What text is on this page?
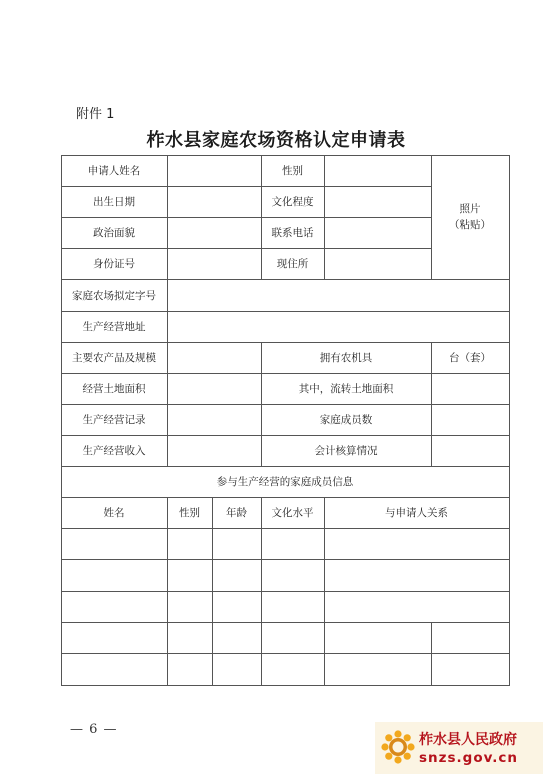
附件 1
柞水县家庭农场资格认定申请表
申请人姓名	性别
出生日期	文化程度
政治面貌	联系电话
身份证号	现住所
照片
（粘贴）
家庭农场拟定字号
生产经营地址
主要农产品及规模	拥有农机具	台（套）
经营土地面积	其中，流转土地面积
生产经营记录	家庭成员数
生产经营收入	会计核算情况
参与生产经营的家庭成员信息
姓名	性别	年龄	文化水平	与申请人关系
— 6 —
柞水县人民政府
snzs.gov.cn
